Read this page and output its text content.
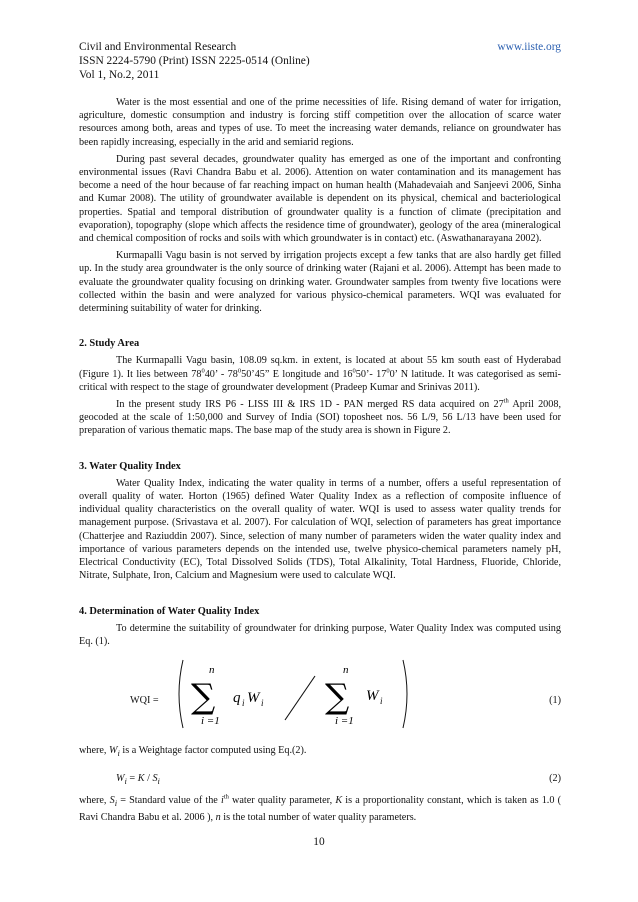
Civil and Environmental Research	www.iiste.org
ISSN 2224-5790 (Print) ISSN 2225-0514 (Online)
Vol 1, No.2, 2011

Water is the most essential and one of the prime necessities of life. Rising demand of water for irrigation, agriculture, domestic consumption and industry is forcing stiff competition over the allocation of scarce water resources among both, areas and types of use. To meet the increasing water demands, reliance on groundwater has been rapidly increasing, especially in the arid and semiarid regions.

During past several decades, groundwater quality has emerged as one of the important and confronting environmental issues (Ravi Chandra Babu et al. 2006). Attention on water contamination and its management has become a need of the hour because of far reaching impact on human health (Mahadevaiah and Sanjeevi 2006, Sinha and Kumar 2008). The utility of groundwater available is dependent on its physical, chemical and bacteriological properties. Spatial and temporal distribution of groundwater quality is a function of climate (precipitation and evaporation), topography (slope which affects the residence time of groundwater), geology of the area (mineralogical and chemical composition of rocks and soils with which groundwater is in contact) etc. (Aswathanarayana 2002).

Kurmapalli Vagu basin is not served by irrigation projects except a few tanks that are also hardly get filled up. In the study area groundwater is the only source of drinking water (Rajani et al. 2006). Attempt has been made to evaluate the groundwater quality focusing on drinking water. Groundwater samples from twenty five locations were collected within the basin and were analyzed for various physico-chemical parameters. WQI was evaluated for determining suitability of water for drinking.

2. Study Area

The Kurmapalli Vagu basin, 108.09 sq.km. in extent, is located at about 55 km south east of Hyderabad (Figure 1). It lies between $78^040$’ - $78^050’45$” E longitude and $16^050’-$ $17^00$’ N latitude. It was categorised as semi-critical with respect to the stage of groundwater development (Pradeep Kumar and Srinivas 2011).

In the present study IRS P6 - LISS III & IRS 1D - PAN merged RS data acquired on 27th April 2008, geocoded at the scale of 1:50,000 and Survey of India (SOI) toposheet nos. 56 L/9, 56 L/13 have been used for preparation of various thematic maps. The base map of the study area is shown in Figure 2.

3. Water Quality Index

Water Quality Index, indicating the water quality in terms of a number, offers a useful representation of overall quality of water. Horton (1965) defined Water Quality Index as a reflection of composite influence of individual quality characteristics on the overall quality of water. WQI is used to assess water quality trends for management purpose. (Srivastava et al. 2007). For calculation of WQI, selection of parameters has great importance (Chatterjee and Raziuddin 2007). Since, selection of many number of parameters widen the water quality index and importance of various parameters depends on the intended use, twelve physico-chemical parameters namely pH, Electrical Conductivity (EC), Total Dissolved Solids (TDS), Total Alkalinity, Total Hardness, Fluoride, Chloride, Nitrate, Sulphate, Iron, Calcium and Magnesium were used to calculate WQI.

4. Determination of Water Quality Index

To determine the suitability of groundwater for drinking purpose, Water Quality Index was computed using Eq. (1).

WQI =
n
∑
i =1
q i W i
n
∑
i =1
W i	(1)

where, $W_i$ is a Weightage factor computed using Eq.(2).

$W_i = K / S_i$	(2)

where, $S_i$ = Standard value of the $i^{th}$ water quality parameter, K is a proportionality constant, which is taken as 1.0 ( Ravi Chandra Babu et al. 2006 ), n is the total number of water quality parameters.

10
